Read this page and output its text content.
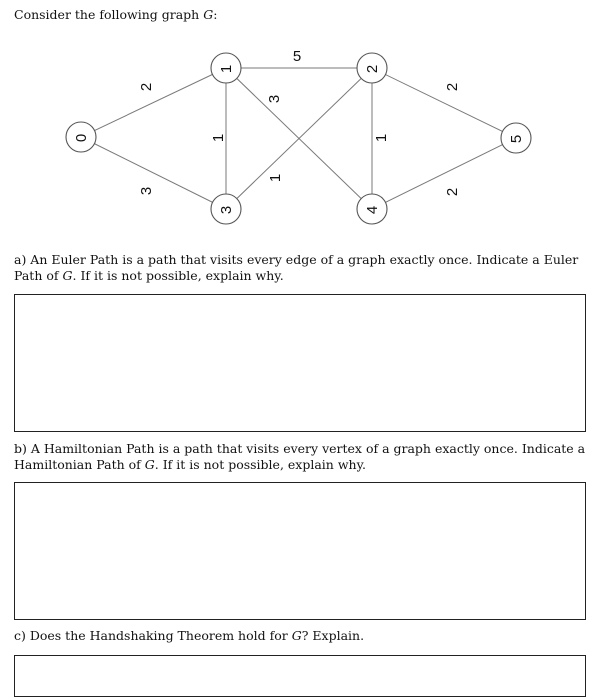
Consider the following graph G:
2
3
5
1
3
1
1
2
2
0
1	2
3	4
5
a) An Euler Path is a path that visits every edge of a graph exactly once. Indicate a Euler Path of G. If it is not possible, explain why.
b) A Hamiltonian Path is a path that visits every vertex of a graph exactly once. Indicate a Hamiltonian Path of G. If it is not possible, explain why.
c) Does the Handshaking Theorem hold for G? Explain.
